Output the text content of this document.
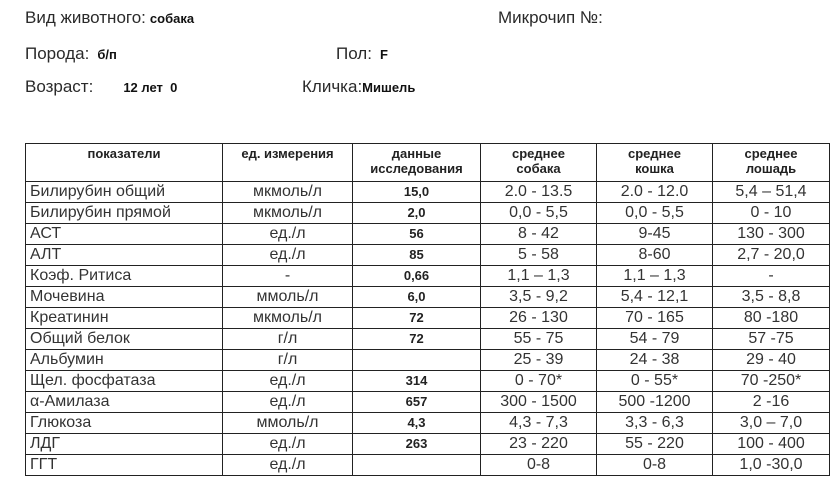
Вид животного: собака	Микрочип №:
Порода: б/п	Пол: F
Возраст: 12 лет  0	Кличка:Мишель
показатели	ед. измерения	данные исследования	среднее собака	среднее кошка	среднее лошадь
Билирубин общий	мкмоль/л	15,0	2.0 - 13.5	2.0 - 12.0	5,4 – 51,4
Билирубин прямой	мкмоль/л	2,0	0,0 - 5,5	0,0 - 5,5	0 - 10
АСТ	ед./л	56	8 - 42	9-45	130 - 300
АЛТ	ед./л	85	5 - 58	8-60	2,7 - 20,0
Коэф. Ритиса	-	0,66	1,1 – 1,3	1,1 – 1,3	-
Мочевина	ммоль/л	6,0	3,5 - 9,2	5,4 - 12,1	3,5 - 8,8
Креатинин	мкмоль/л	72	26 - 130	70 - 165	80 -180
Общий белок	г/л	72	55 - 75	54 - 79	57 -75
Альбумин	г/л		25 - 39	24 - 38	29 - 40
Щел. фосфатаза	ед./л	314	0 - 70*	0 - 55*	70 -250*
α-Амилаза	ед./л	657	300 - 1500	500 -1200	2 -16
Глюкоза	ммоль/л	4,3	4,3 - 7,3	3,3 - 6,3	3,0 – 7,0
ЛДГ	ед./л	263	23 - 220	55 - 220	100 - 400
ГГТ	ед./л		0-8	0-8	1,0 -30,0
